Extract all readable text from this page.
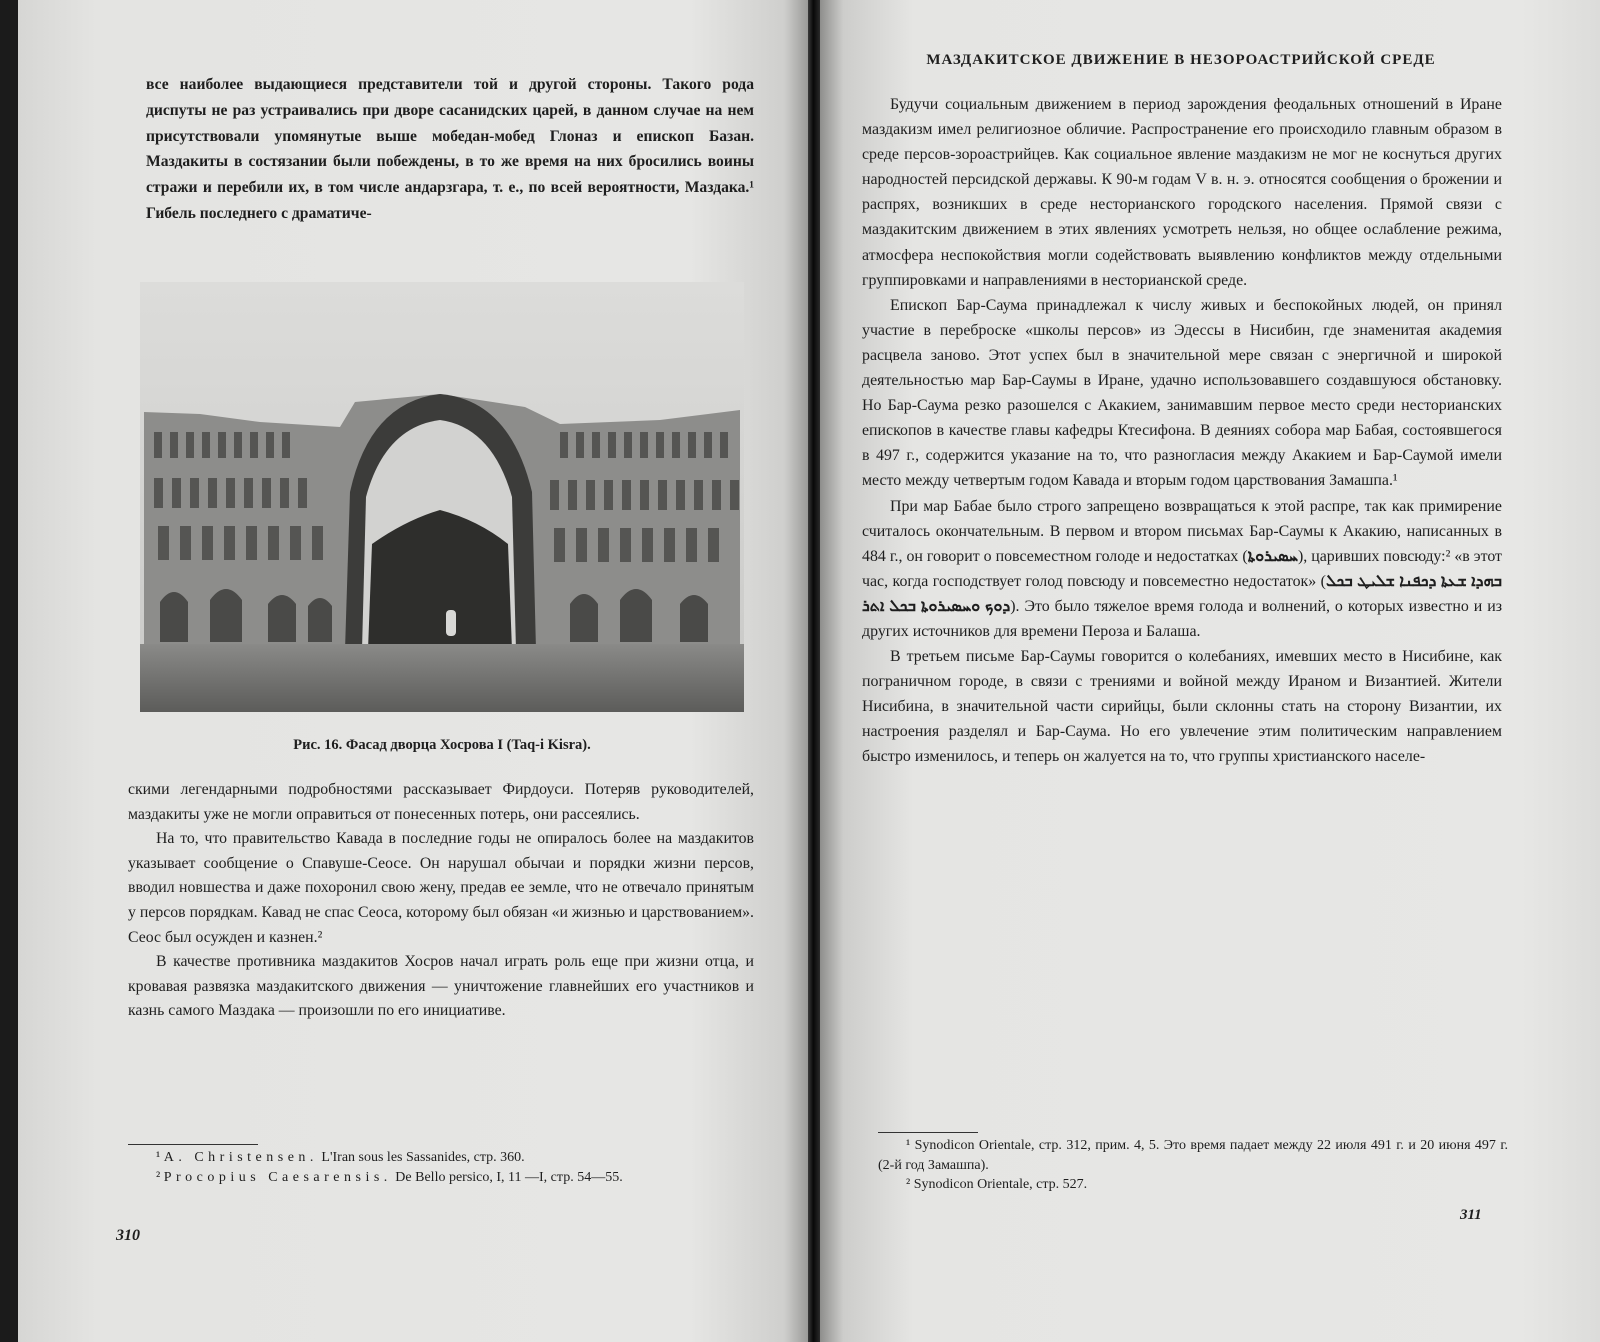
все наиболее выдающиеся представители той и другой стороны. Такого рода диспуты не раз устраивались при дворе сасанидских царей, в данном случае на нем присутствовали упомянутые выше мобедан-мобед Глоназ и епископ Базан. Маздакиты в состязании были побеждены, в то же время на них бросились воины стражи и перебили их, в том числе андарзгара, т. е., по всей вероятности, Маздака.¹ Гибель последнего с драматиче-

Рис. 16. Фасад дворца Хосрова I (Taq-i Kisra).

скими легендарными подробностями рассказывает Фирдоуси. Потеряв руководителей, маздакиты уже не могли оправиться от понесенных потерь, они рассеялись.

На то, что правительство Кавада в последние годы не опиралось более на маздакитов указывает сообщение о Спавуше-Сеосе. Он нарушал обычаи и порядки жизни персов, вводил новшества и даже похоронил свою жену, предав ее земле, что не отвечало принятым у персов порядкам. Кавад не спас Сеоса, которому был обязан «и жизнью и царствованием». Сеос был осужден и казнен.²

В качестве противника маздакитов Хосров начал играть роль еще при жизни отца, и кровавая развязка маздакитского движения — уничтожение главнейших его участников и казнь самого Маздака — произошли по его инициативе.

¹ A. Christensen. L'Iran sous les Sassanides, стр. 360.

² Procopius Caesarensis. De Bello persico, I, 11 —I, стр. 54—55.

310
МАЗДАКИТСКОЕ ДВИЖЕНИЕ В НЕЗОРОАСТРИЙСКОЙ СРЕДЕ

Будучи социальным движением в период зарождения феодальных отношений в Иране маздакизм имел религиозное обличие. Распространение его происходило главным образом в среде персов-зороастрийцев. Как социальное явление маздакизм не мог не коснуться других народностей персидской державы. К 90-м годам V в. н. э. относятся сообщения о брожении и распрях, возникших в среде несторианского городского населения. Прямой связи с маздакитским движением в этих явлениях усмотреть нельзя, но общее ослабление режима, атмосфера неспокойствия могли содействовать выявлению конфликтов между отдельными группировками и направлениями в несторианской среде.

Епископ Бар-Саума принадлежал к числу живых и беспокойных людей, он принял участие в переброске «школы персов» из Эдессы в Нисибин, где знаменитая академия расцвела заново. Этот успех был в значительной мере связан с энергичной и широкой деятельностью мар Бар-Саумы в Иране, удачно использовавшего создавшуюся обстановку. Но Бар-Саума резко разошелся с Акакием, занимавшим первое место среди несторианских епископов в качестве главы кафедры Ктесифона. В деяниях собора мар Бабая, состоявшегося в 497 г., содержится указание на то, что разногласия между Акакием и Бар-Саумой имели место между четвертым годом Кавада и вторым годом царствования Замашпа.¹

При мар Бабае было строго запрещено возвращаться к этой распре, так как примирение считалось окончательным. В первом и втором письмах Бар-Саумы к Акакию, написанных в 484 г., он говорит о повсеместном голоде и недостатках (ܚܣܝܪܘܬܐ), царивших повсюду:² «в этот час, когда господствует голод повсюду и повсеместно недостаток» (ܒܗܕܐ ܫܥܬܐ ܕܟܦܢܐ ܫܠܝܛ ܒܟܠ ܕܘܟ ܘܚܣܝܪܘܬܐ ܒܟܠ ܐܬܪ). Это было тяжелое время голода и волнений, о которых известно и из других источников для времени Пероза и Балаша.

В третьем письме Бар-Саумы говорится о колебаниях, имевших место в Нисибине, как пограничном городе, в связи с трениями и войной между Ираном и Византией. Жители Нисибина, в значительной части сирийцы, были склонны стать на сторону Византии, их настроения разделял и Бар-Саума. Но его увлечение этим политическим направлением быстро изменилось, и теперь он жалуется на то, что группы христианского населе-

¹ Synodicon Orientale, стр. 312, прим. 4, 5. Это время падает между 22 июля 491 г. и 20 июня 497 г. (2-й год Замашпа).

² Synodicon Orientale, стр. 527.

311
